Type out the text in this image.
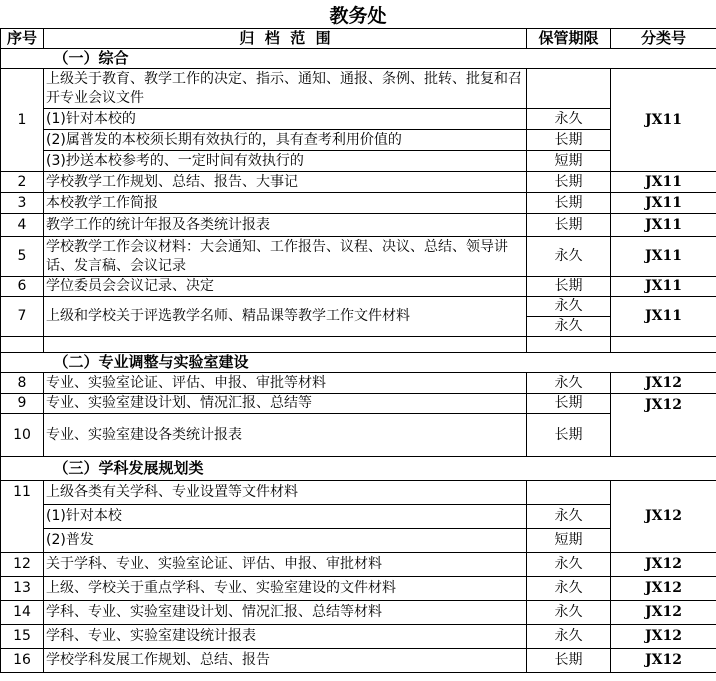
教务处
序号	归  档  范  围	保管期限	分类号
	（一）综合		
1	上级关于教育、教学工作的决定、指示、通知、通报、条例、批转、批复和召开专业会议文件		JX11
	(1)针对本校的	永久	
	(2)属普发的本校须长期有效执行的，具有查考利用价值的	长期	
	(3)抄送本校参考的、一定时间有效执行的	短期	
2	学校教学工作规划、总结、报告、大事记	长期	JX11
3	本校教学工作简报	长期	JX11
4	教学工作的统计年报及各类统计报表	长期	JX11
5	学校教学工作会议材料：大会通知、工作报告、议程、决议、总结、领导讲话、发言稿、会议记录	永久	JX11
6	学位委员会会议记录、决定	长期	JX11
7	上级和学校关于评选教学名师、精品课等教学工作文件材料	永久	JX11
		永久	

	（二）专业调整与实验室建设		
8	专业、实验室论证、评估、申报、审批等材料	永久	JX12
9	专业、实验室建设计划、情况汇报、总结等	长期	JX12
10	专业、实验室建设各类统计报表	长期	
	（三）学科发展规划类		
11	上级各类有关学科、专业设置等文件材料		JX12
	(1)针对本校	永久	
	(2)普发	短期	
12	关于学科、专业、实验室论证、评估、申报、审批材料	永久	JX12
13	上级、学校关于重点学科、专业、实验室建设的文件材料	永久	JX12
14	学科、专业、实验室建设计划、情况汇报、总结等材料	永久	JX12
15	学科、专业、实验室建设统计报表	永久	JX12
16	学校学科发展工作规划、总结、报告	长期	JX12
